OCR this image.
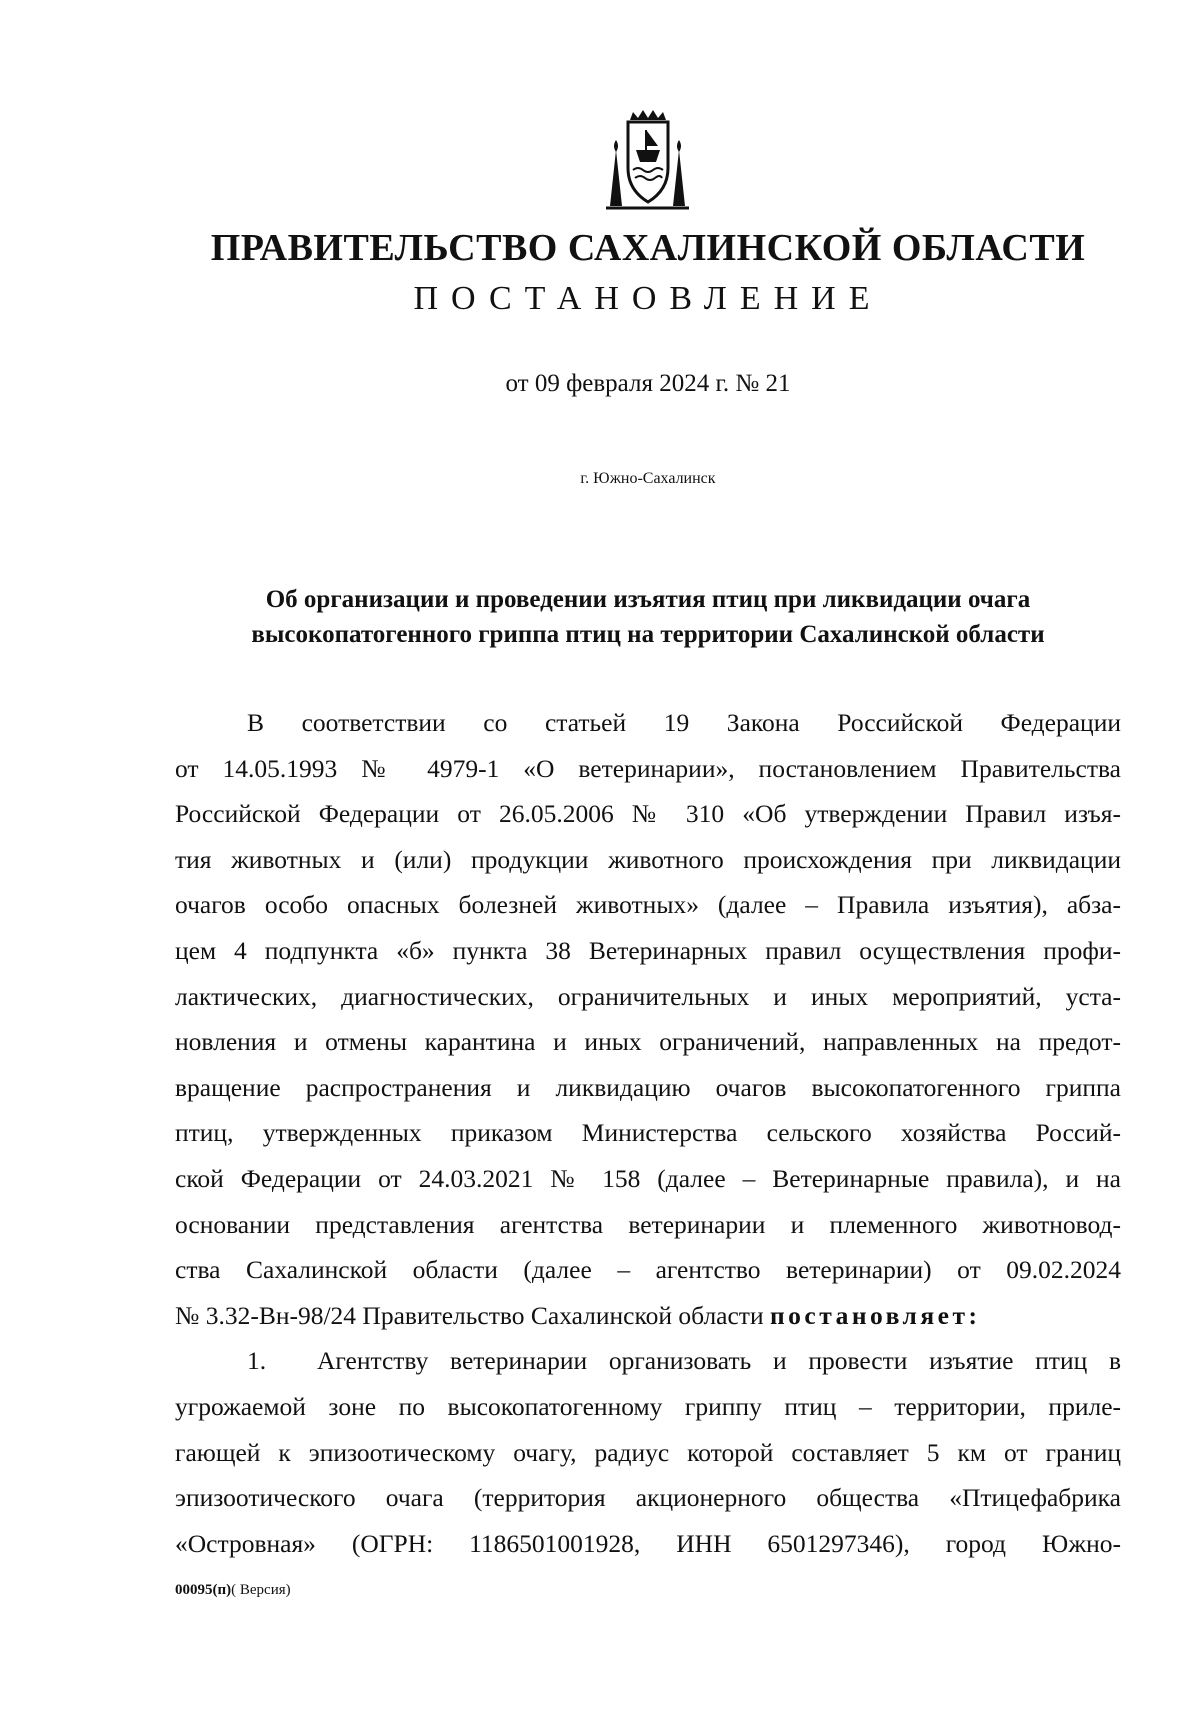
ПРАВИТЕЛЬСТВО САХАЛИНСКОЙ ОБЛАСТИ
ПОСТАНОВЛЕНИЕ
от 09 февраля 2024 г. № 21
г. Южно-Сахалинск
Об организации и проведении изъятия птиц при ликвидации очага
высокопатогенного гриппа птиц на территории Сахалинской области
В соответствии со статьей 19 Закона Российской Федерации
от 14.05.1993 № 4979-1 «О ветеринарии», постановлением Правительства
Российской Федерации от 26.05.2006 № 310 «Об утверждении Правил изъя-
тия животных и (или) продукции животного происхождения при ликвидации
очагов особо опасных болезней животных» (далее – Правила изъятия), абза-
цем 4 подпункта «б» пункта 38 Ветеринарных правил осуществления профи-
лактических, диагностических, ограничительных и иных мероприятий, уста-
новления и отмены карантина и иных ограничений, направленных на предот-
вращение распространения и ликвидацию очагов высокопатогенного гриппа
птиц, утвержденных приказом Министерства сельского хозяйства Россий-
ской Федерации от 24.03.2021 № 158 (далее – Ветеринарные правила), и на
основании представления агентства ветеринарии и племенного животновод-
ства Сахалинской области (далее – агентство ветеринарии) от 09.02.2024
№ 3.32-Вн-98/24 Правительство Сахалинской области постановляет:
1. Агентству ветеринарии организовать и провести изъятие птиц в
угрожаемой зоне по высокопатогенному гриппу птиц – территории, приле-
гающей к эпизоотическому очагу, радиус которой составляет 5 км от границ
эпизоотического очага (территория акционерного общества «Птицефабрика
«Островная» (ОГРН: 1186501001928, ИНН 6501297346), город Южно-
00095(п)( Версия)
